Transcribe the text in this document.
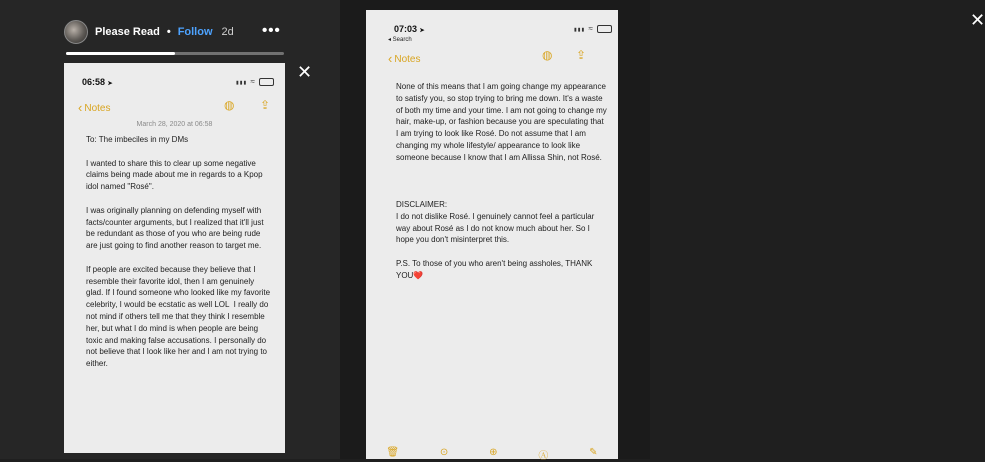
Please Read • Follow 2d •••
✕
06:58 ➤	▮▮▮ ≈
‹ Notes	◍ ⇪
March 28, 2020 at 06:58
To: The imbeciles in my DMs

I wanted to share this to clear up some negative claims being made about me in regards to a Kpop idol named "Rosé".

I was originally planning on defending myself with facts/counter arguments, but I realized that it'll just be redundant as those of you who are being rude are just going to find another reason to target me.

If people are excited because they believe that I resemble their favorite idol, then I am genuinely glad. If I found someone who looked like my favorite celebrity, I would be ecstatic as well LOL  I really do not mind if others tell me that they think I resemble her, but what I do mind is when people are being toxic and making false accusations. I personally do not believe that I look like her and I am not trying to either.
✕
07:03 ➤
◂ Search
▮▮▮ ≈
‹ Notes	◍ ⇪
None of this means that I am going change my appearance to satisfy you, so stop trying to bring me down. It's a waste of both my time and your time. I am not going to change my hair, make-up, or fashion because you are speculating that I am trying to look like Rosé. Do not assume that I am changing my whole lifestyle/ appearance to look like someone because I know that I am Allissa Shin, not Rosé.

DISCLAIMER:
I do not dislike Rosé. I genuinely cannot feel a particular way about Rosé as I do not know much about her. So I hope you don't misinterpret this.

P.S. To those of you who aren't being assholes, THANK YOU❤️
🗑	⊙	⊕	Ⓐ	✎
